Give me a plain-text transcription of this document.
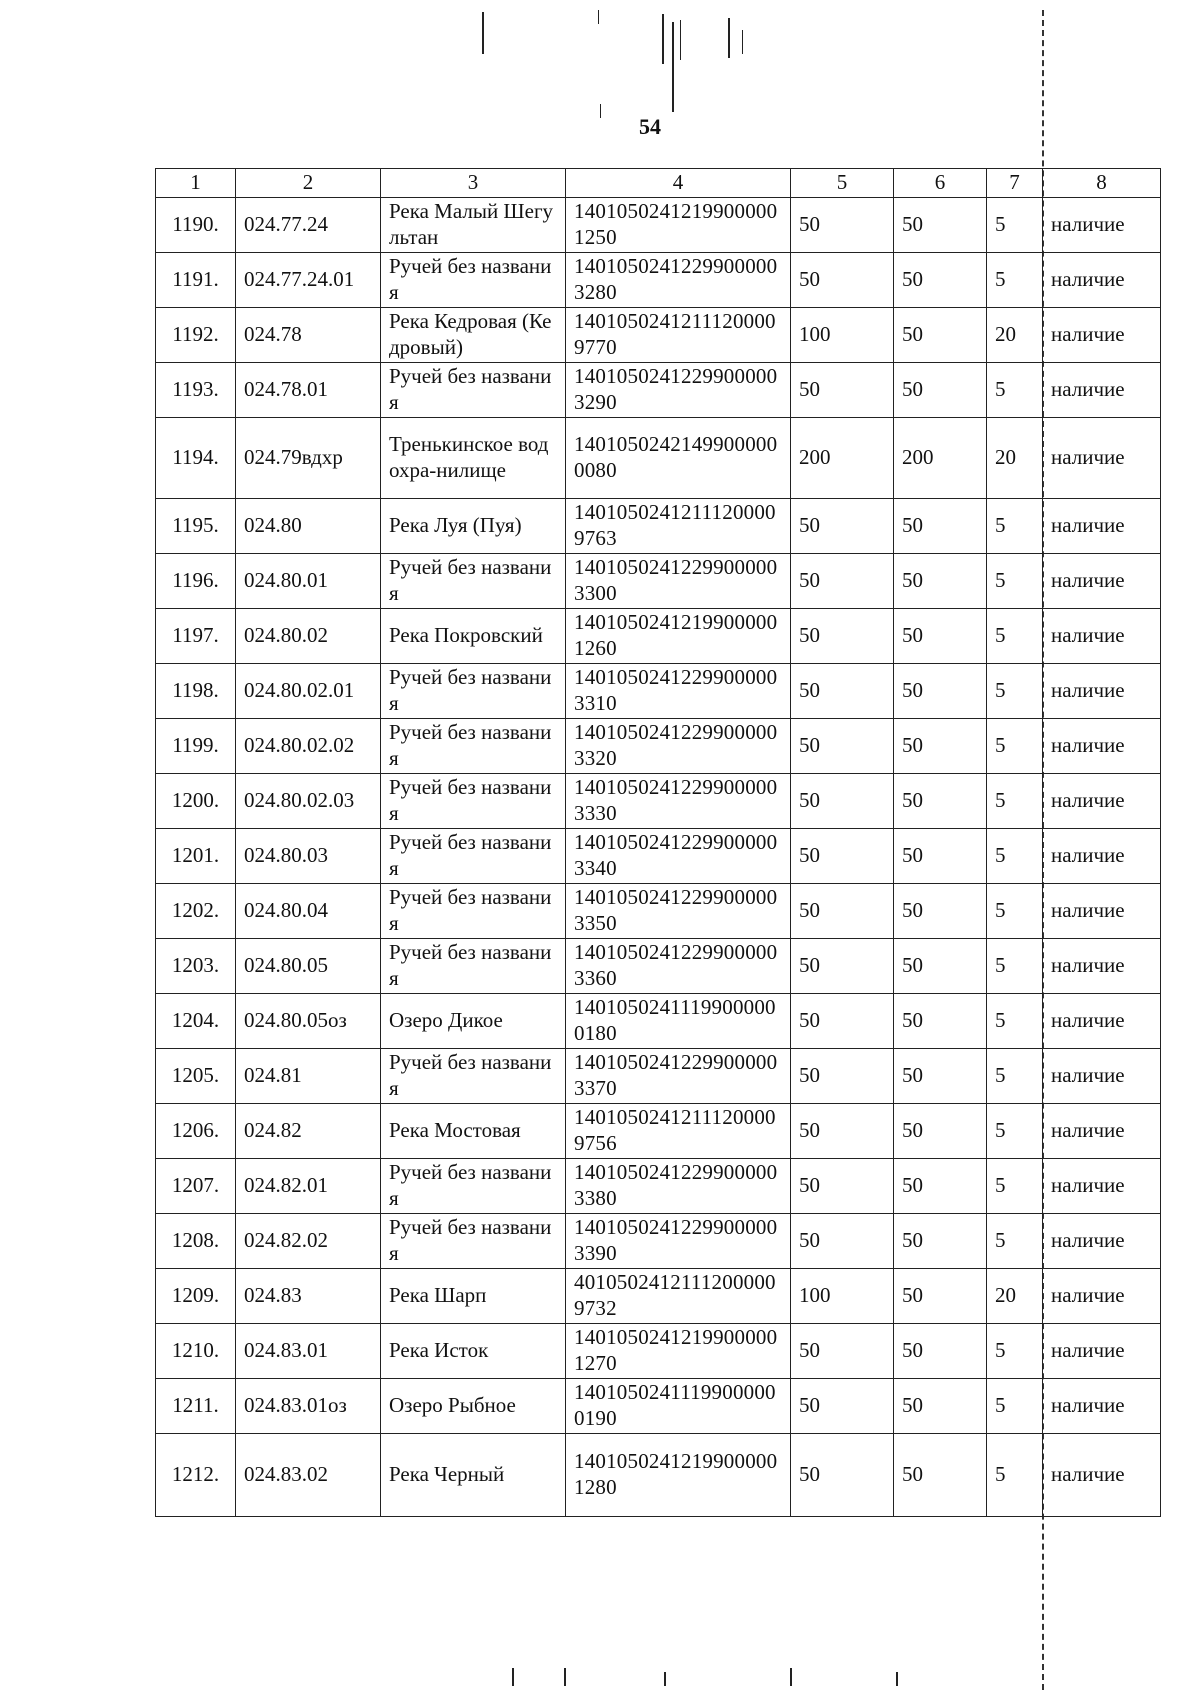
54
1	2	3	4	5	6	7	8
1190.	024.77.24	Река Малый Шегультан	14010502412199000001250	50	50	5	наличие
1191.	024.77.24.01	Ручей без названия	14010502412299000003280	50	50	5	наличие
1192.	024.78	Река Кедровая (Кедровый)	14010502412111200009770	100	50	20	наличие
1193.	024.78.01	Ручей без названия	14010502412299000003290	50	50	5	наличие
1194.	024.79вдхр	Тренькинское водохра-нилище	14010502421499000000080	200	200	20	наличие
1195.	024.80	Река Луя (Пуя)	14010502412111200009763	50	50	5	наличие
1196.	024.80.01	Ручей без названия	14010502412299000003300	50	50	5	наличие
1197.	024.80.02	Река Покровский	14010502412199000001260	50	50	5	наличие
1198.	024.80.02.01	Ручей без названия	14010502412299000003310	50	50	5	наличие
1199.	024.80.02.02	Ручей без названия	14010502412299000003320	50	50	5	наличие
1200.	024.80.02.03	Ручей без названия	14010502412299000003330	50	50	5	наличие
1201.	024.80.03	Ручей без названия	14010502412299000003340	50	50	5	наличие
1202.	024.80.04	Ручей без названия	14010502412299000003350	50	50	5	наличие
1203.	024.80.05	Ручей без названия	14010502412299000003360	50	50	5	наличие
1204.	024.80.05оз	Озеро Дикое	14010502411199000000180	50	50	5	наличие
1205.	024.81	Ручей без названия	14010502412299000003370	50	50	5	наличие
1206.	024.82	Река Мостовая	14010502412111200009756	50	50	5	наличие
1207.	024.82.01	Ручей без названия	14010502412299000003380	50	50	5	наличие
1208.	024.82.02	Ручей без названия	14010502412299000003390	50	50	5	наличие
1209.	024.83	Река Шарп	40105024121112000009732	100	50	20	наличие
1210.	024.83.01	Река Исток	14010502412199000001270	50	50	5	наличие
1211.	024.83.01оз	Озеро Рыбное	14010502411199000000190	50	50	5	наличие
1212.	024.83.02	Река Черный	14010502412199000001280	50	50	5	наличие
